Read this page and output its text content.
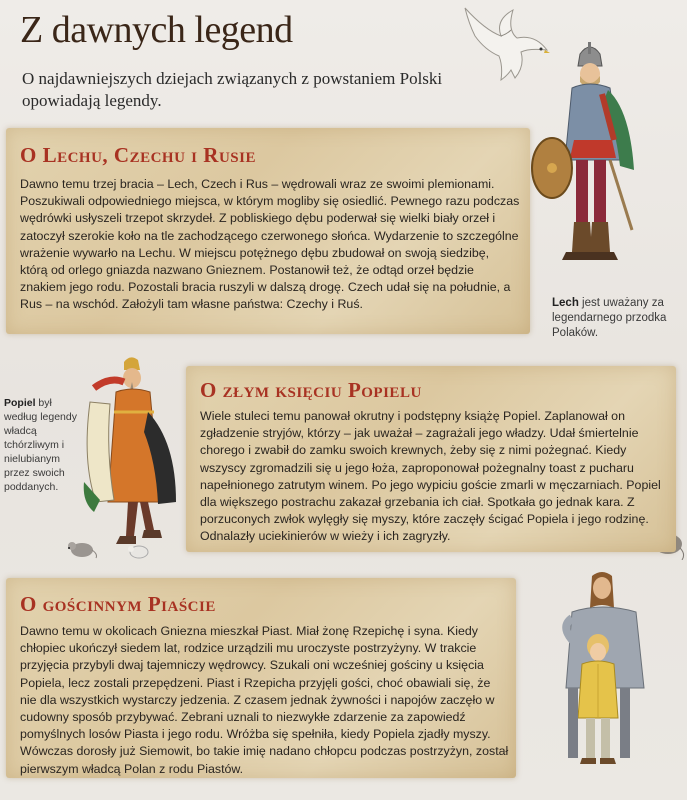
Z dawnych legend
O najdawniejszych dziejach związanych z powstaniem Polski opowiadają legendy.
O Lechu, Czechu i Rusie

Dawno temu trzej bracia – Lech, Czech i Rus – wędrowali wraz ze swoimi plemionami. Poszukiwali odpowiedniego miejsca, w którym mogliby się osiedlić. Pewnego razu podczas wędrówki usłyszeli trzepot skrzydeł. Z pobliskiego dębu poderwał się wielki biały orzeł i zatoczył szerokie koło na tle zachodzącego czerwonego słońca. Wydarzenie to szczególne wrażenie wywarło na Lechu. W miejscu potężnego dębu zbudował on swoją siedzibę, którą od orlego gniazda nazwano Gnieznem. Postanowił też, że odtąd orzeł będzie znakiem jego rodu. Pozostali bracia ruszyli w dalszą drogę. Czech udał się na południe, a Rus – na wschód. Założyli tam własne państwa: Czechy i Ruś.	Lech jest uważany za legendarnego przodka Polaków.
Popiel był według legendy władcą tchórzliwym i nielubianym przez swoich poddanych.
O złym księciu Popielu

Wiele stuleci temu panował okrutny i podstępny książę Popiel. Zaplanował on zgładzenie stryjów, którzy – jak uważał – zagrażali jego władzy. Udał śmiertelnie chorego i zwabił do zamku swoich krewnych, żeby się z nimi pożegnać. Kiedy wszyscy zgromadzili się u jego łoża, zaproponował pożegnalny toast z pucharu napełnionego zatrutym winem. Po jego wypiciu goście zmarli w męczarniach. Popiel dla większego postrachu zakazał grzebania ich ciał. Spotkała go jednak kara. Z porzuconych zwłok wylęgły się myszy, które zaczęły ścigać Popiela i jego rodzinę. Odnalazły uciekinierów w wieży i ich zagryzły.

O gościnnym Piaście

Dawno temu w okolicach Gniezna mieszkał Piast. Miał żonę Rzepichę i syna. Kiedy chłopiec ukończył siedem lat, rodzice urządzili mu uroczyste postrzyżyny. W trakcie przyjęcia przybyli dwaj tajemniczy wędrowcy. Szukali oni wcześniej gościny u księcia Popiela, lecz zostali przepędzeni. Piast i Rzepicha przyjęli gości, choć obawiali się, że nie dla wszystkich wystarczy jedzenia. Z czasem jednak żywności i napojów zaczęło w cudowny sposób przybywać. Zebrani uznali to niezwykłe zdarzenie za zapowiedź pomyślnych losów Piasta i jego rodu. Wróżba się spełniła, kiedy Popiela zjadły myszy. Wówczas dorosły już Siemowit, bo takie imię nadano chłopcu podczas postrzyżyn, został pierwszym władcą Polan z rodu Piastów.
